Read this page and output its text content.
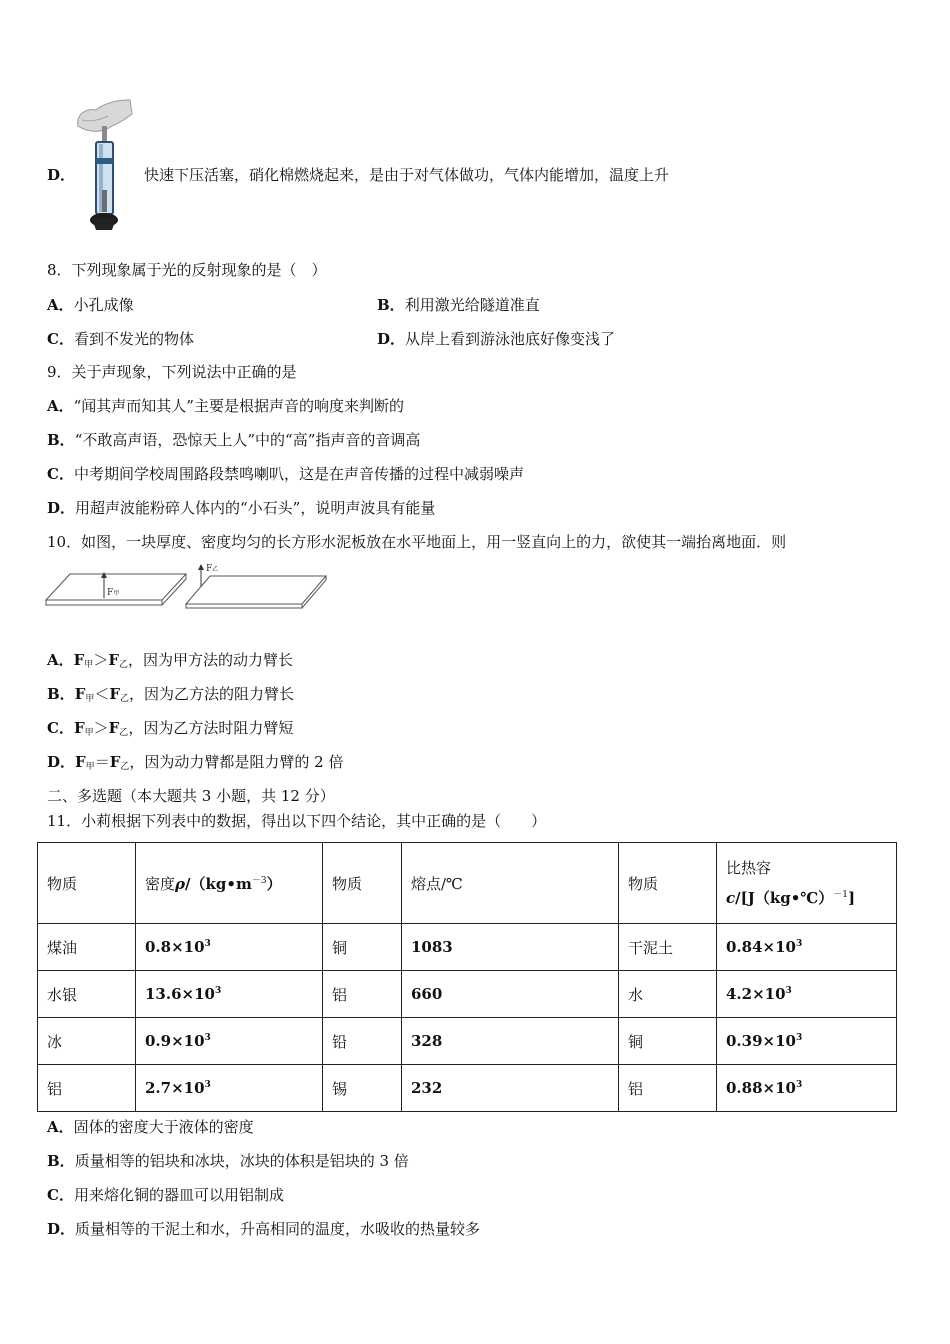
D．	快速下压活塞，硝化棉燃烧起来，是由于对气体做功，气体内能增加，温度上升
8．下列现象属于光的反射现象的是（　）
A．小孔成像	B．利用激光给隧道准直
C．看到不发光的物体	D．从岸上看到游泳池底好像变浅了
9．关于声现象，下列说法中正确的是
A．“闻其声而知其人”主要是根据声音的响度来判断的
B．“不敢高声语，恐惊天上人”中的“高”指声音的音调高
C．中考期间学校周围路段禁鸣喇叭，这是在声音传播的过程中减弱噪声
D．用超声波能粉碎人体内的“小石头”，说明声波具有能量
10．如图，一块厚度、密度均匀的长方形水泥板放在水平地面上，用一竖直向上的力，欲使其一端抬离地面．则
F甲
F乙
A．$F_甲>F_乙$，因为甲方法的动力臂长
B．$F_甲<F_乙$，因为乙方法的阻力臂长
C．$F_甲>F_乙$，因为乙方法时阻力臂短
D．$F_甲=F_乙$，因为动力臂都是阻力臂的 2 倍
二、多选题（本大题共 3 小题，共 12 分）
11．小莉根据下列表中的数据，得出以下四个结论，其中正确的是（　　）
物质	密度$\rho/(kg•m^{-3})$	物质	熔点/℃	物质	比热容
c/[J（kg•℃）$^{-1}$]

煤油	$0.8\times 10^3$	铜	1083	干泥土	$0.84\times 10^3$
水银	$13.6\times 10^3$	铝	660	水	$4.2\times 10^3$
冰	$0.9\times 10^3$	铅	328	铜	$0.39\times 10^3$
铝	$2.7\times 10^3$	锡	232	铝	$0.88\times 10^3$
A．固体的密度大于液体的密度
B．质量相等的铝块和冰块，冰块的体积是铝块的 3 倍
C．用来熔化铜的器皿可以用铝制成
D．质量相等的干泥土和水，升高相同的温度，水吸收的热量较多
